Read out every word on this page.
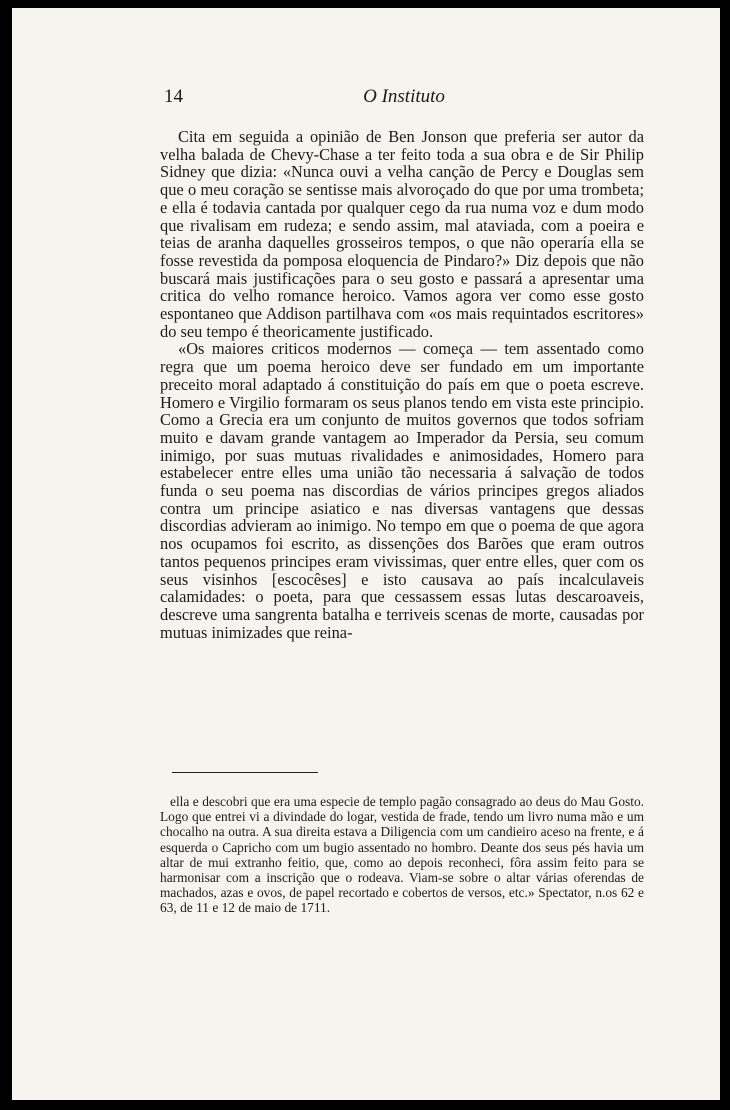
14	O Instituto

Cita em seguida a opinião de Ben Jonson que preferia ser autor da velha balada de Chevy-Chase a ter feito toda a sua obra e de Sir Philip Sidney que dizia: «Nunca ouvi a velha canção de Percy e Douglas sem que o meu coração se sentisse mais alvoroçado do que por uma trombeta; e ella é todavia cantada por qualquer cego da rua numa voz e dum modo que rivalisam em rudeza; e sendo assim, mal ataviada, com a poeira e teias de aranha daquelles grosseiros tempos, o que não operaría ella se fosse revestida da pomposa eloquencia de Pindaro?» Diz depois que não buscará mais justificações para o seu gosto e passará a apresentar uma critica do velho romance heroico. Vamos agora ver como esse gosto espontaneo que Addison partilhava com «os mais requintados escritores» do seu tempo é theoricamente justificado.

«Os maiores criticos modernos — começa — tem assentado como regra que um poema heroico deve ser fundado em um importante preceito moral adaptado á constituição do país em que o poeta escreve. Homero e Virgilio formaram os seus planos tendo em vista este principio. Como a Grecia era um conjunto de muitos governos que todos sofriam muito e davam grande vantagem ao Imperador da Persia, seu comum inimigo, por suas mutuas rivalidades e animosidades, Homero para estabelecer entre elles uma união tão necessaria á salvação de todos funda o seu poema nas discordias de vários principes gregos aliados contra um principe asiatico e nas diversas vantagens que dessas discordias advieram ao inimigo. No tempo em que o poema de que agora nos ocupamos foi escrito, as dissenções dos Barões que eram outros tantos pequenos principes eram vivissimas, quer entre elles, quer com os seus visinhos [escocêses] e isto causava ao país incalculaveis calamidades: o poeta, para que cessassem essas lutas descaroaveis, descreve uma sangrenta batalha e terriveis scenas de morte, causadas por mutuas inimizades que reina-

ella e descobri que era uma especie de templo pagão consagrado ao deus do Mau Gosto. Logo que entrei vi a divindade do logar, vestida de frade, tendo um livro numa mão e um chocalho na outra. A sua direita estava a Diligencia com um candieiro aceso na frente, e á esquerda o Capricho com um bugio assentado no hombro. Deante dos seus pés havia um altar de mui extranho feitio, que, como ao depois reconheci, fôra assim feito para se harmonisar com a inscrição que o rodeava. Viam-se sobre o altar várias oferendas de machados, azas e ovos, de papel recortado e cobertos de versos, etc.» Spectator, n.os 62 e 63, de 11 e 12 de maio de 1711.
